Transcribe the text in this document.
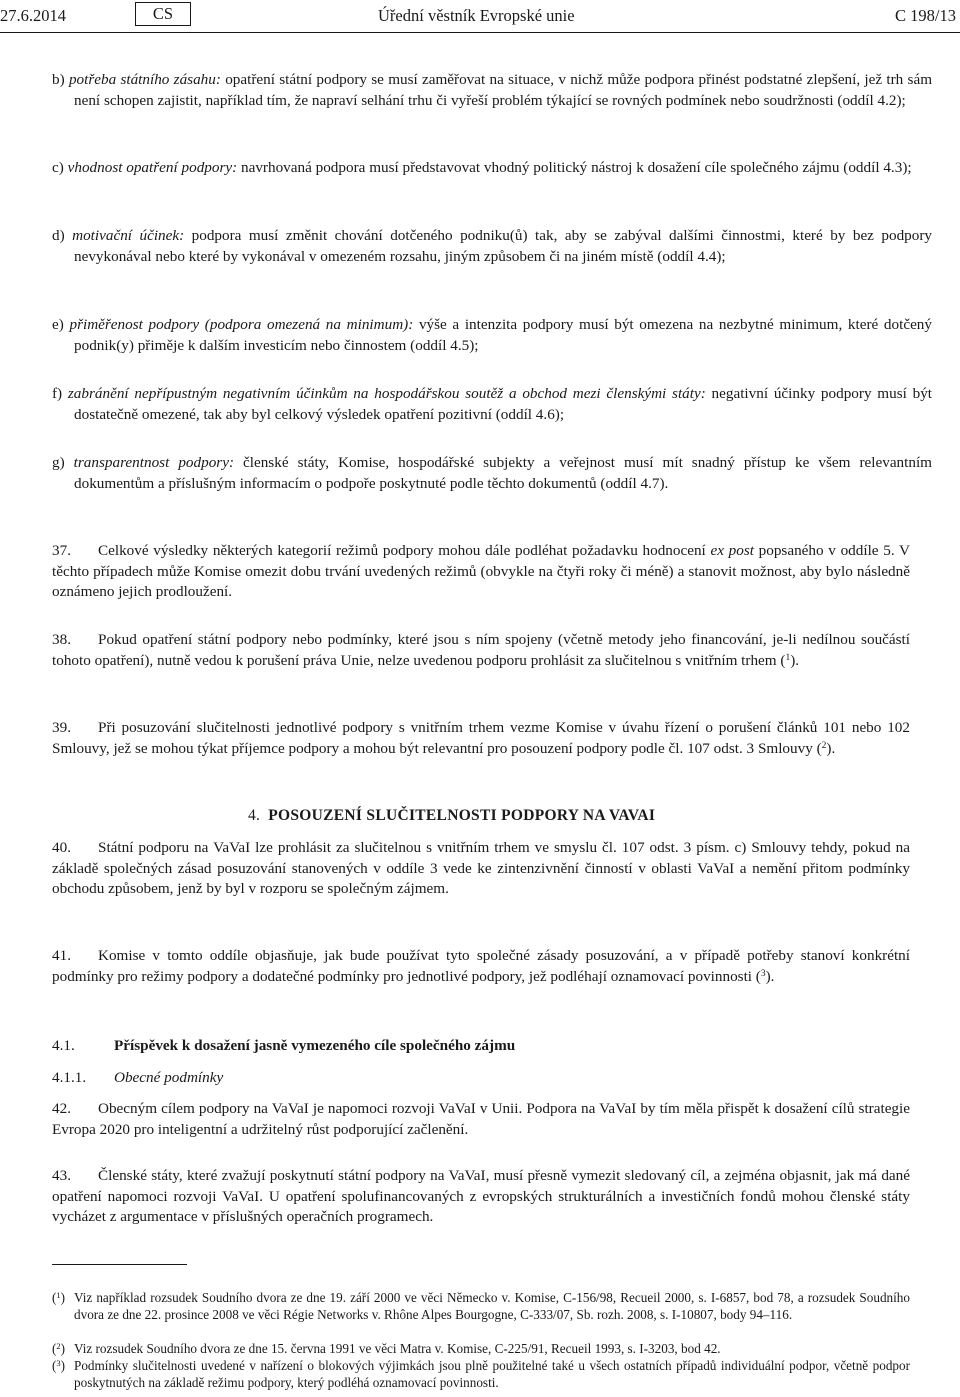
27.6.2014	CS	Úřední věstník Evropské unie	C 198/13
b) potřeba státního zásahu: opatření státní podpory se musí zaměřovat na situace, v nichž může podpora přinést podstatné zlepšení, jež trh sám není schopen zajistit, například tím, že napraví selhání trhu či vyřeší problém týkající se rovných podmínek nebo soudržnosti (oddíl 4.2);
c) vhodnost opatření podpory: navrhovaná podpora musí představovat vhodný politický nástroj k dosažení cíle společného zájmu (oddíl 4.3);
d) motivační účinek: podpora musí změnit chování dotčeného podniku(ů) tak, aby se zabýval dalšími činnostmi, které by bez podpory nevykonával nebo které by vykonával v omezeném rozsahu, jiným způsobem či na jiném místě (oddíl 4.4);
e) přiměřenost podpory (podpora omezená na minimum): výše a intenzita podpory musí být omezena na nezbytné minimum, které dotčený podnik(y) přiměje k dalším investicím nebo činnostem (oddíl 4.5);
f) zabránění nepřípustným negativním účinkům na hospodářskou soutěž a obchod mezi členskými státy: negativní účinky podpory musí být dostatečně omezené, tak aby byl celkový výsledek opatření pozitivní (oddíl 4.6);
g) transparentnost podpory: členské státy, Komise, hospodářské subjekty a veřejnost musí mít snadný přístup ke všem relevantním dokumentům a příslušným informacím o podpoře poskytnuté podle těchto dokumentů (oddíl 4.7).
37. Celkové výsledky některých kategorií režimů podpory mohou dále podléhat požadavku hodnocení ex post popsaného v oddíle 5. V těchto případech může Komise omezit dobu trvání uvedených režimů (obvykle na čtyři roky či méně) a stanovit možnost, aby bylo následně oznámeno jejich prodloužení.
38. Pokud opatření státní podpory nebo podmínky, které jsou s ním spojeny (včetně metody jeho financování, je-li nedílnou součástí tohoto opatření), nutně vedou k porušení práva Unie, nelze uvedenou podporu prohlásit za slučitelnou s vnitřním trhem ($^1$).
39. Při posuzování slučitelnosti jednotlivé podpory s vnitřním trhem vezme Komise v úvahu řízení o porušení článků 101 nebo 102 Smlouvy, jež se mohou týkat příjemce podpory a mohou být relevantní pro posouzení podpory podle čl. 107 odst. 3 Smlouvy ($^2$).
4. POSOUZENÍ SLUČITELNOSTI PODPORY NA VAVAI
40. Státní podporu na VaVaI lze prohlásit za slučitelnou s vnitřním trhem ve smyslu čl. 107 odst. 3 písm. c) Smlouvy tehdy, pokud na základě společných zásad posuzování stanovených v oddíle 3 vede ke zintenzivnění činností v oblasti VaVaI a nemění přitom podmínky obchodu způsobem, jenž by byl v rozporu se společným zájmem.
41. Komise v tomto oddíle objasňuje, jak bude používat tyto společné zásady posuzování, a v případě potřeby stanoví konkrétní podmínky pro režimy podpory a dodatečné podmínky pro jednotlivé podpory, jež podléhají oznamovací povinnosti ($^3$).
4.1.	Příspěvek k dosažení jasně vymezeného cíle společného zájmu
4.1.1. Obecné podmínky
42. Obecným cílem podpory na VaVaI je napomoci rozvoji VaVaI v Unii. Podpora na VaVaI by tím měla přispět k dosažení cílů strategie Evropa 2020 pro inteligentní a udržitelný růst podporující začlenění.
43. Členské státy, které zvažují poskytnutí státní podpory na VaVaI, musí přesně vymezit sledovaný cíl, a zejména objasnit, jak má dané opatření napomoci rozvoji VaVaI. U opatření spolufinancovaných z evropských strukturálních a investičních fondů mohou členské státy vycházet z argumentace v příslušných operačních programech.
($^1$) Viz například rozsudek Soudního dvora ze dne 19. září 2000 ve věci Německo v. Komise, C-156/98, Recueil 2000, s. I-6857, bod 78, a rozsudek Soudního dvora ze dne 22. prosince 2008 ve věci Régie Networks v. Rhône Alpes Bourgogne, C-333/07, Sb. rozh. 2008, s. I-10807, body 94–116.
($^2$) Viz rozsudek Soudního dvora ze dne 15. června 1991 ve věci Matra v. Komise, C-225/91, Recueil 1993, s. I-3203, bod 42.
($^3$) Podmínky slučitelnosti uvedené v nařízení o blokových výjimkách jsou plně použitelné také u všech ostatních případů individuální podpor, včetně podpor poskytnutých na základě režimu podpory, který podléhá oznamovací povinnosti.
